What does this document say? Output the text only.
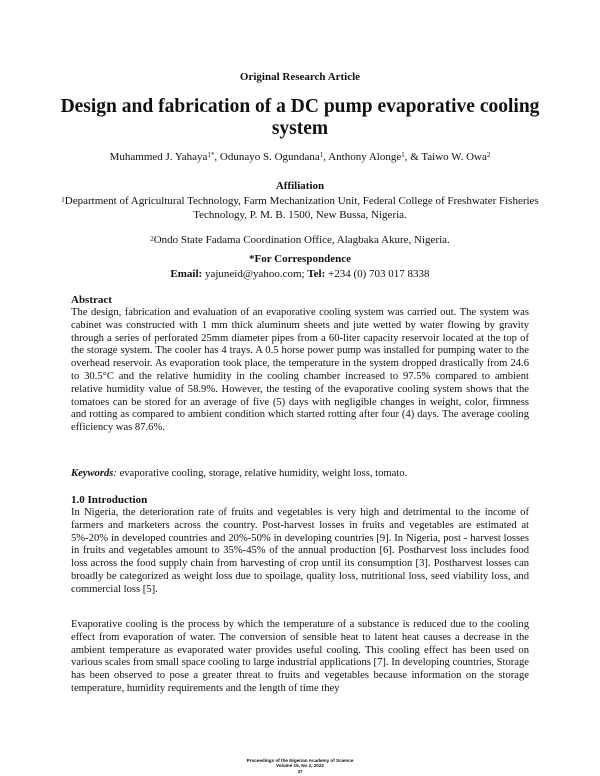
Original Research Article
Design and fabrication of a DC pump evaporative cooling system
Muhammed J. Yahaya$^{1*}$, Odunayo S. Ogundana$^1$, Anthony Alonge$^1$, & Taiwo W. Owa$^2$
Affiliation
$^1$Department of Agricultural Technology, Farm Mechanization Unit, Federal College of Freshwater Fisheries Technology, P. M. B. 1500, New Bussa, Nigeria.
$^2$Ondo State Fadama Coordination Office, Alagbaka Akure, Nigeria.
*For Correspondence
Email: yajuneid@yahoo.com; Tel: +234 (0) 703 017 8338
Abstract
The design, fabrication and evaluation of an evaporative cooling system was carried out. The system was cabinet was constructed with 1 mm thick aluminum sheets and jute wetted by water flowing by gravity through a series of perforated 25mm diameter pipes from a 60-liter capacity reservoir located at the top of the storage system. The cooler has 4 trays. A 0.5 horse power pump was installed for pumping water to the overhead reservoir. As evaporation took place, the temperature in the system dropped drastically from 24.6 to 30.5°C and the relative humidity in the cooling chamber increased to 97.5% compared to ambient relative humidity value of 58.9%. However, the testing of the evaporative cooling system shows that the tomatoes can be stored for an average of five (5) days with negligible changes in weight, color, firmness and rotting as compared to ambient condition which started rotting after four (4) days. The average cooling efficiency was 87.6%.
Keywords: evaporative cooling, storage, relative humidity, weight loss, tomato.
1.0 Introduction
In Nigeria, the deterioration rate of fruits and vegetables is very high and detrimental to the income of farmers and marketers across the country. Post-harvest losses in fruits and vegetables are estimated at 5%-20% in developed countries and 20%-50% in developing countries [9]. In Nigeria, post - harvest losses in fruits and vegetables amount to 35%-45% of the annual production [6]. Postharvest loss includes food loss across the food supply chain from harvesting of crop until its consumption [3]. Postharvest losses can broadly be categorized as weight loss due to spoilage, quality loss, nutritional loss, seed viability loss, and commercial loss [5].
Evaporative cooling is the process by which the temperature of a substance is reduced due to the cooling effect from evaporation of water. The conversion of sensible heat to latent heat causes a decrease in the ambient temperature as evaporated water provides useful cooling. This cooling effect has been used on various scales from small space cooling to large industrial applications [7]. In developing countries, Storage has been observed to pose a greater threat to fruits and vegetables because information on the storage temperature, humidity requirements and the length of time they
Proceedings of the Nigerian Academy of Science
Volume 15, No 2, 2022
37
